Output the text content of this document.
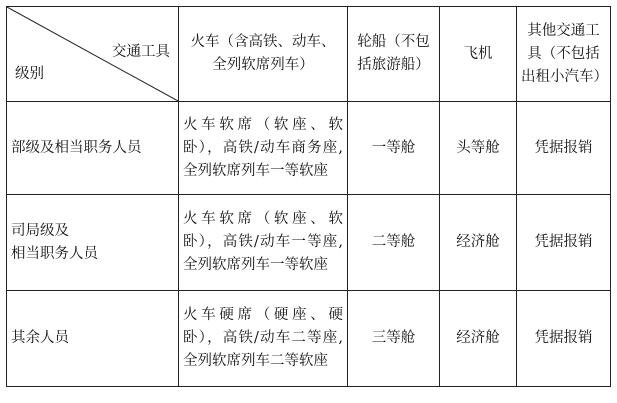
交通工具
级别	火车（含高铁、动车、全列软席列车）	轮船（不包括旅游船）	飞机	其他交通工具（不包括出租小汽车）
部级及相当职务人员	火车软席（软座、软卧），高铁/动车商务座,全列软席列车一等软座	一等舱	头等舱	凭据报销
司局级及
相当职务人员	火车软席（软座、软卧），高铁/动车一等座,全列软席列车一等软座	二等舱	经济舱	凭据报销
其余人员	火车硬席（硬座、硬卧），高铁/动车二等座,全列软席列车二等软座	三等舱	经济舱	凭据报销
